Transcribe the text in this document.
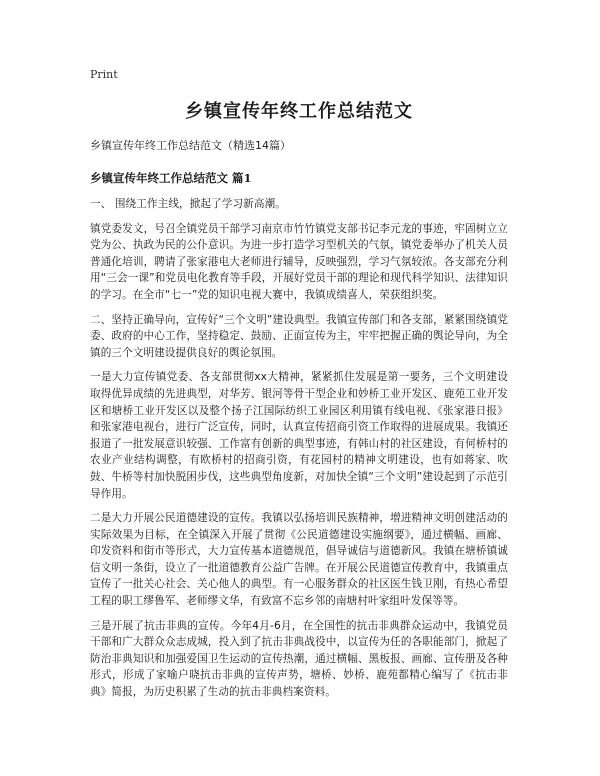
Print
乡镇宣传年终工作总结范文
乡镇宣传年终工作总结范文（精选14篇）
乡镇宣传年终工作总结范文 篇1

一、 围绕工作主线，掀起了学习新高潮。

镇党委发文，号召全镇党员干部学习南京市竹竹镇党支部书记李元龙的事迹，牢固树立立党为公、执政为民的公仆意识。为进一步打造学习型机关的气氛，镇党委举办了机关人员普通化培训，聘请了张家港电大老师进行辅导，反映强烈，学习气氛较浓。各支部充分利用“三会一课”和党员电化教育等手段，开展好党员干部的理论和现代科学知识、法律知识的学习。在全市“七一”党的知识电视大赛中，我镇成绩喜人，荣获组织奖。

二、坚持正确导向，宣传好“三个文明”建设典型。我镇宣传部门和各支部，紧紧围绕镇党委、政府的中心工作，坚持稳定、鼓励、正面宣传为主，牢牢把握正确的舆论导向，为全镇的三个文明建设提供良好的舆论氛围。

一是大力宣传镇党委、各支部贯彻xx大精神，紧紧抓住发展是第一要务，三个文明建设取得优异成绩的先进典型，对华芳、银河等骨干型企业和妙桥工业开发区、鹿苑工业开发区和塘桥工业开发区以及整个扬子江国际纺织工业园区利用镇有线电视、《张家港日报》和张家港电视台，进行广泛宣传，同时，认真宣传招商引资工作取得的进展成果。我镇还报道了一批发展意识较强、工作富有创新的典型事迹，有韩山村的社区建设，有何桥村的农业产业结构调整，有欧桥村的招商引资，有花园村的精神文明建设，也有如蒋家、吹鼓、牛桥等村加快脱困步伐，这些典型角度新，对加快全镇“三个文明”建设起到了示范引导作用。

二是大力开展公民道德建设的宣传。我镇以弘扬培训民族精神，增进精神文明创建活动的实际效果为目标，在全镇深入开展了贯彻《公民道德建设实施纲要》，通过横幅、画廊、印发资料和街市等形式，大力宣传基本道德规范，倡导诚信与道德新风。我镇在塘桥镇诚信文明一条街，设立了一批道德教育公益广告牌。在开展公民道德宣传教育中，我镇重点宣传了一批关心社会、关心他人的典型。有一心服务群众的社区医生钱卫刚，有热心希望工程的职工缪鲁军、老师缪文华，有致富不忘乡邻的南塘村叶家组叶发保等等。

三是开展了抗击非典的宣传。今年4月-6月，在全国性的抗击非典群众运动中，我镇党员干部和广大群众众志成城，投入到了抗击非典战役中，以宣传为任的各职能部门，掀起了防治非典知识和加强爱国卫生运动的宣传热潮，通过横幅、黑板报、画廊、宣传册及各种形式，形成了家喻户晓抗击非典的宣传声势，塘桥、妙桥、鹿苑都精心编写了《抗击非典》简报，为历史积累了生动的抗击非典档案资料。
